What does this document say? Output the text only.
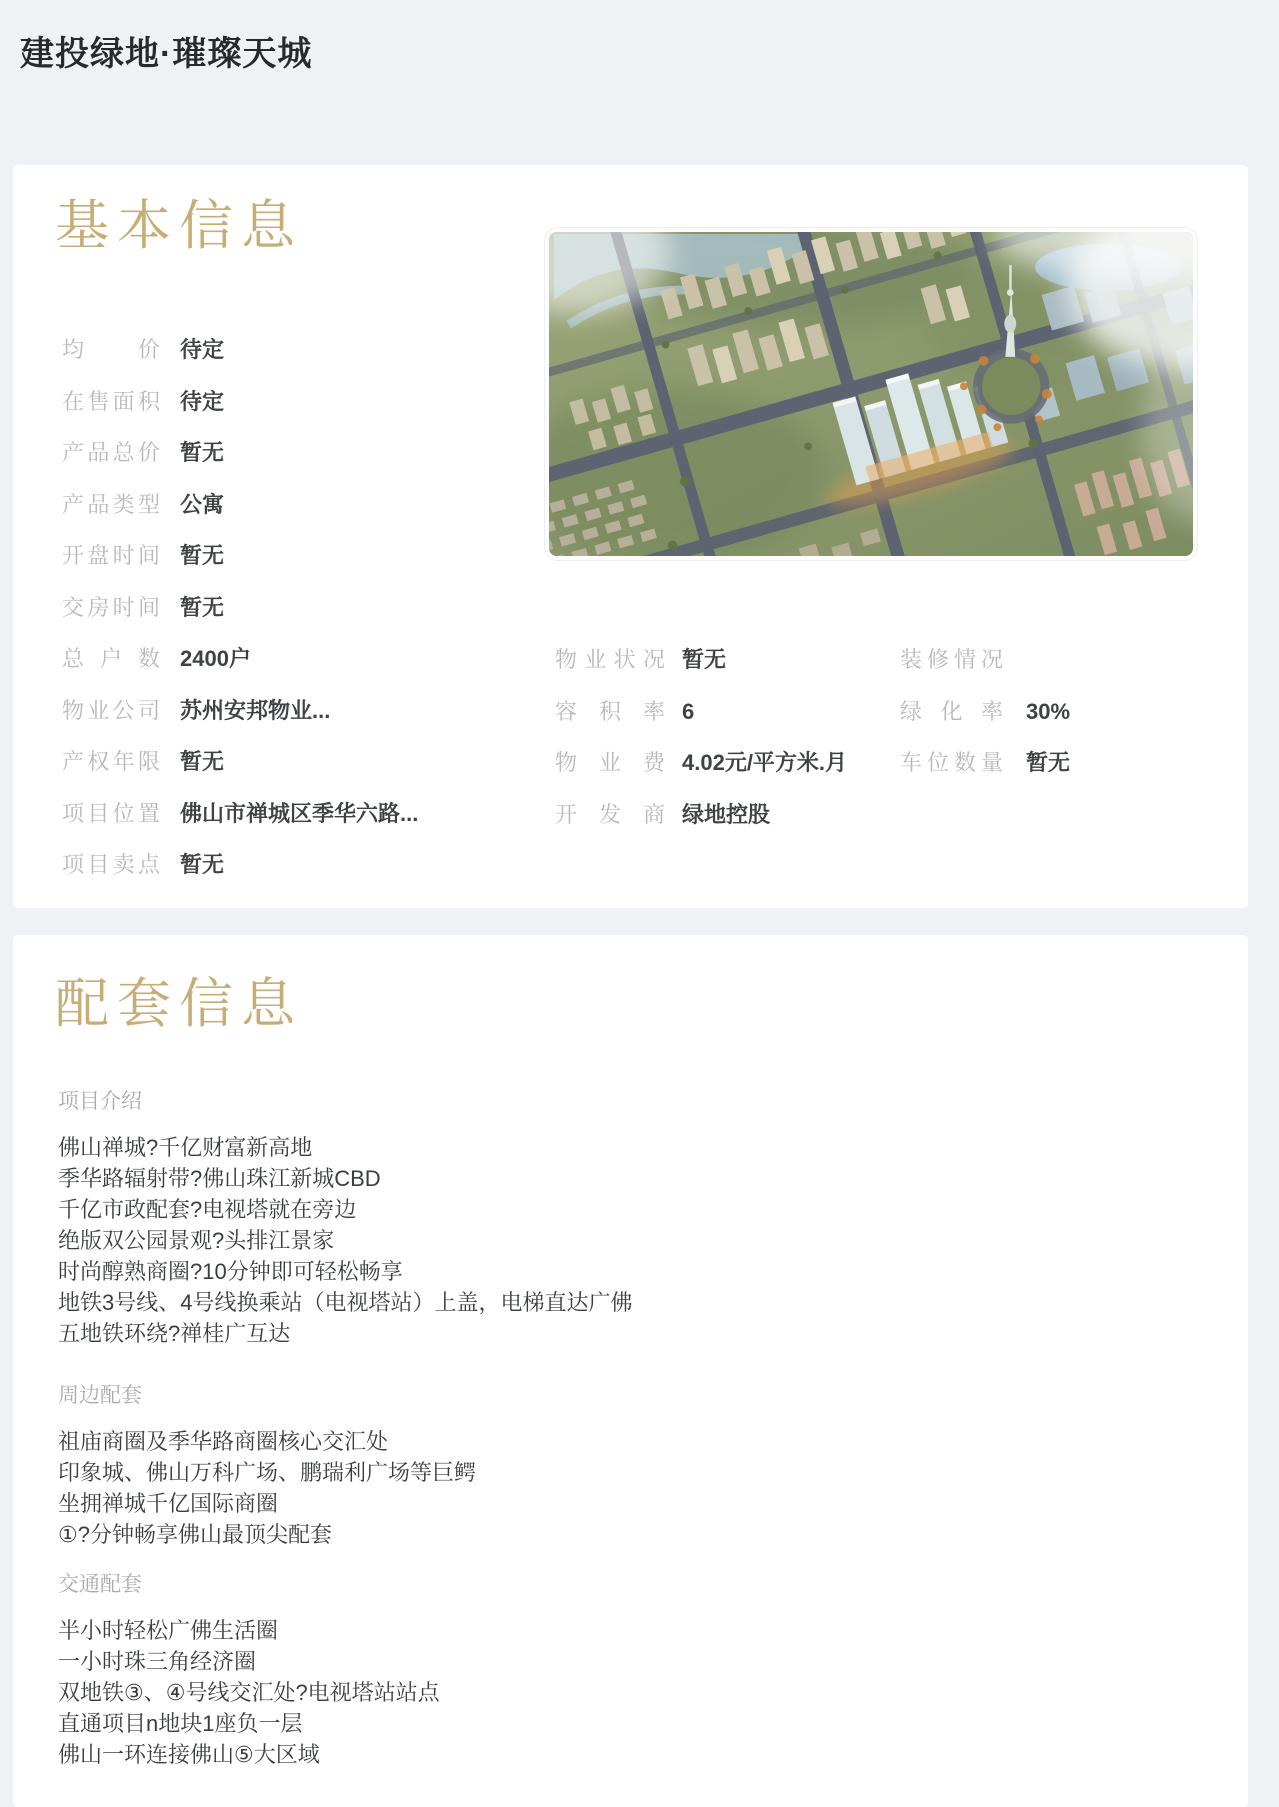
建投绿地·璀璨天城
基本信息
均价 待定
在售面积 待定
产品总价 暂无
产品类型 公寓
开盘时间 暂无
交房时间 暂无
总户数 2400户
物业公司 苏州安邦物业...
产权年限 暂无
项目位置 佛山市禅城区季华六路...
项目卖点 暂无
物业状况 暂无
容积率 6
物业费 4.02元/平方米.月
开发商 绿地控股
装修情况
绿化率 30%
车位数量 暂无
配套信息
项目介绍
佛山禅城?千亿财富新高地
季华路辐射带?佛山珠江新城CBD
千亿市政配套?电视塔就在旁边
绝版双公园景观?头排江景家
时尚醇熟商圈?10分钟即可轻松畅享
地铁3号线、4号线换乘站（电视塔站）上盖，电梯直达广佛
五地铁环绕?禅桂广互达
周边配套
祖庙商圈及季华路商圈核心交汇处
印象城、佛山万科广场、鹏瑞利广场等巨鳄
坐拥禅城千亿国际商圈
①?分钟畅享佛山最顶尖配套
交通配套
半小时轻松广佛生活圈
一小时珠三角经济圈
双地铁③、④号线交汇处?电视塔站站点
直通项目n地块1座负一层
佛山一环连接佛山⑤大区域
